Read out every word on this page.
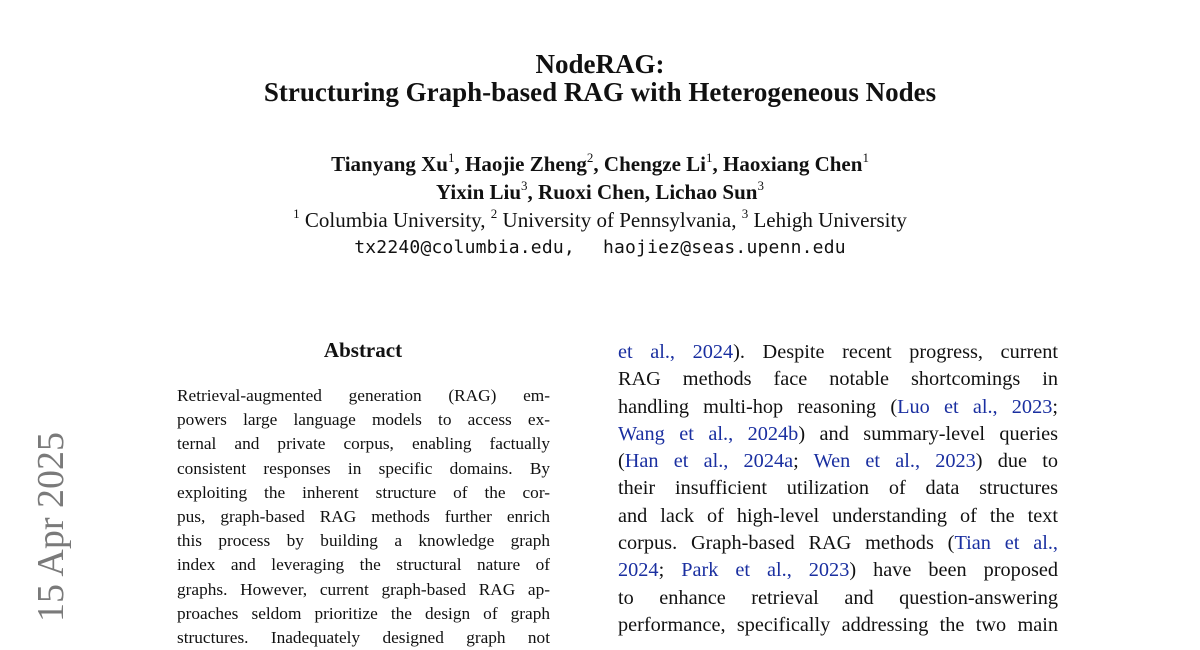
15 Apr 2025
NodeRAG:
Structuring Graph-based RAG with Heterogeneous Nodes
Tianyang Xu$^1$, Haojie Zheng$^2$, Chengze Li$^1$, Haoxiang Chen$^1$
Yixin Liu$^3$, Ruoxi Chen, Lichao Sun$^3$
$^1$ Columbia University, $^2$ University of Pennsylvania, $^3$ Lehigh University
tx2240@columbia.edu, haojiez@seas.upenn.edu
Abstract
Retrieval-augmented generation (RAG) em-
powers large language models to access ex-
ternal and private corpus, enabling factually
consistent responses in specific domains. By
exploiting the inherent structure of the cor-
pus, graph-based RAG methods further enrich
this process by building a knowledge graph
index and leveraging the structural nature of
graphs. However, current graph-based RAG ap-
proaches seldom prioritize the design of graph
structures. Inadequately designed graph not
et al., 2024). Despite recent progress, current
RAG methods face notable shortcomings in
handling multi-hop reasoning (Luo et al., 2023;
Wang et al., 2024b) and summary-level queries
(Han et al., 2024a; Wen et al., 2023) due to
their insufficient utilization of data structures
and lack of high-level understanding of the text
corpus. Graph-based RAG methods (Tian et al.,
2024; Park et al., 2023) have been proposed
to enhance retrieval and question-answering
performance, specifically addressing the two main
